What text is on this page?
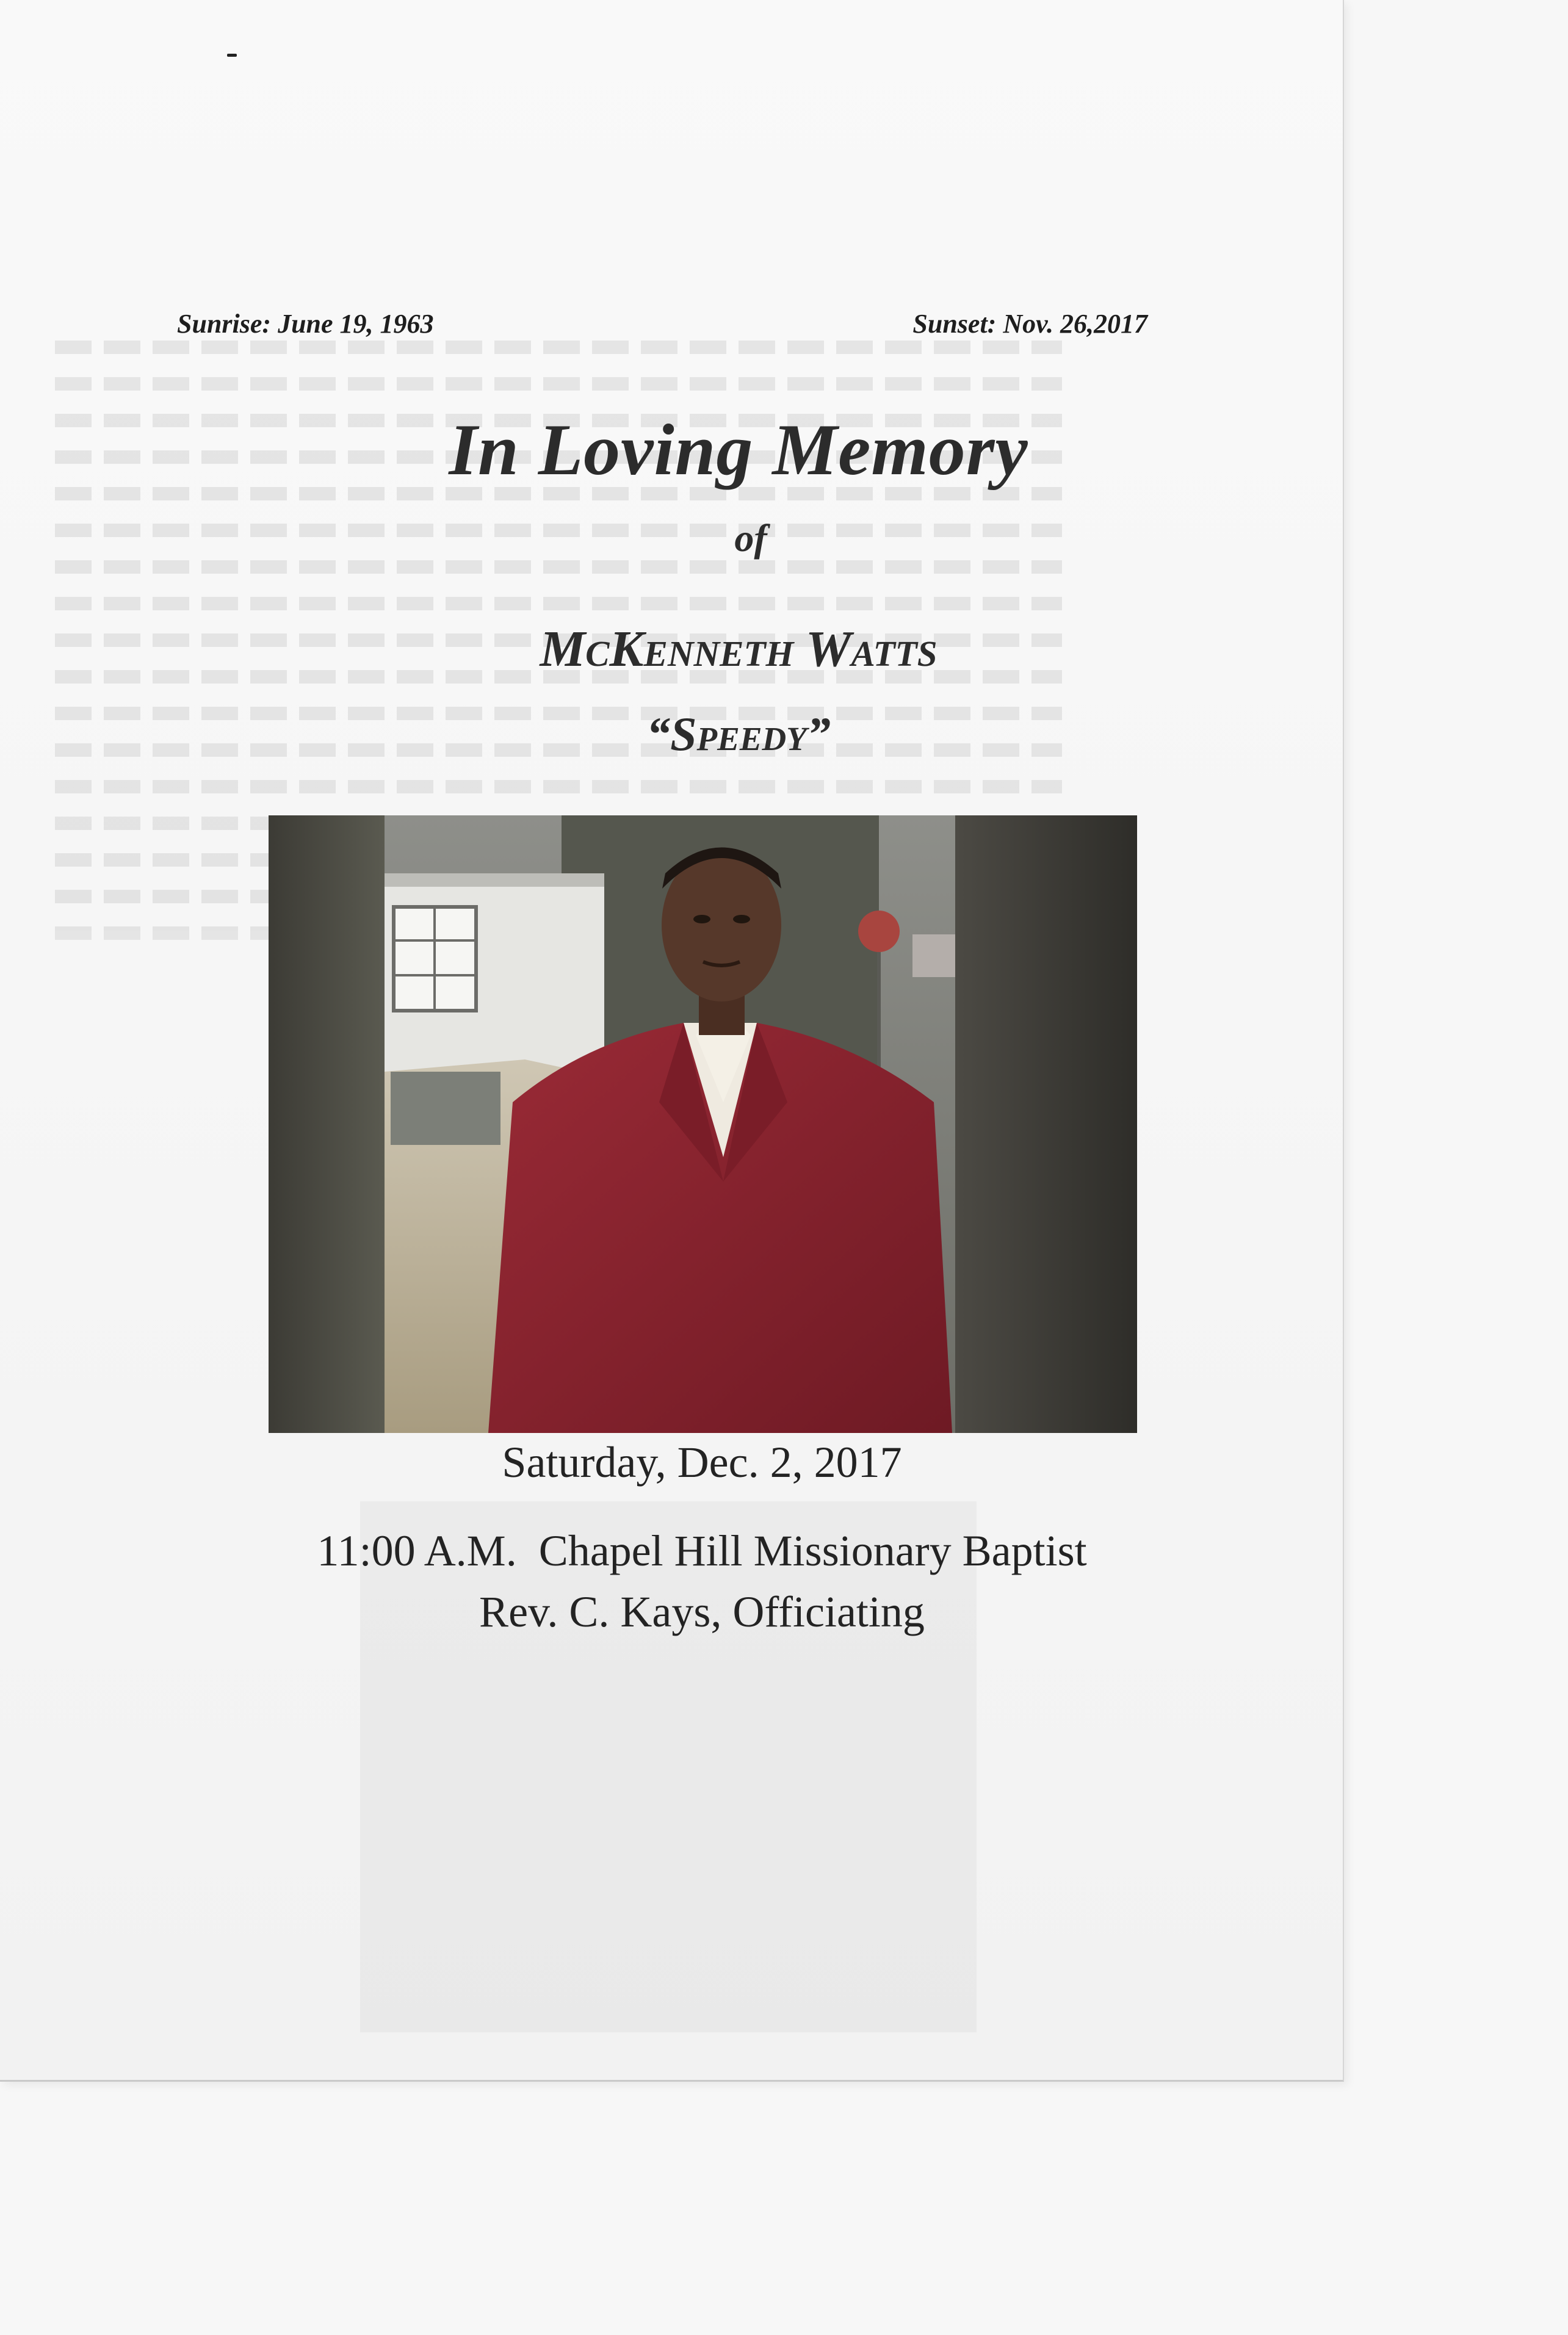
Sunrise: June 19, 1963	Sunset: Nov. 26,2017
In Loving Memory
of
McKenneth Watts
“Speedy”
Saturday, Dec. 2, 2017
11:00 A.M.  Chapel Hill Missionary Baptist
Rev. C. Kays, Officiating
